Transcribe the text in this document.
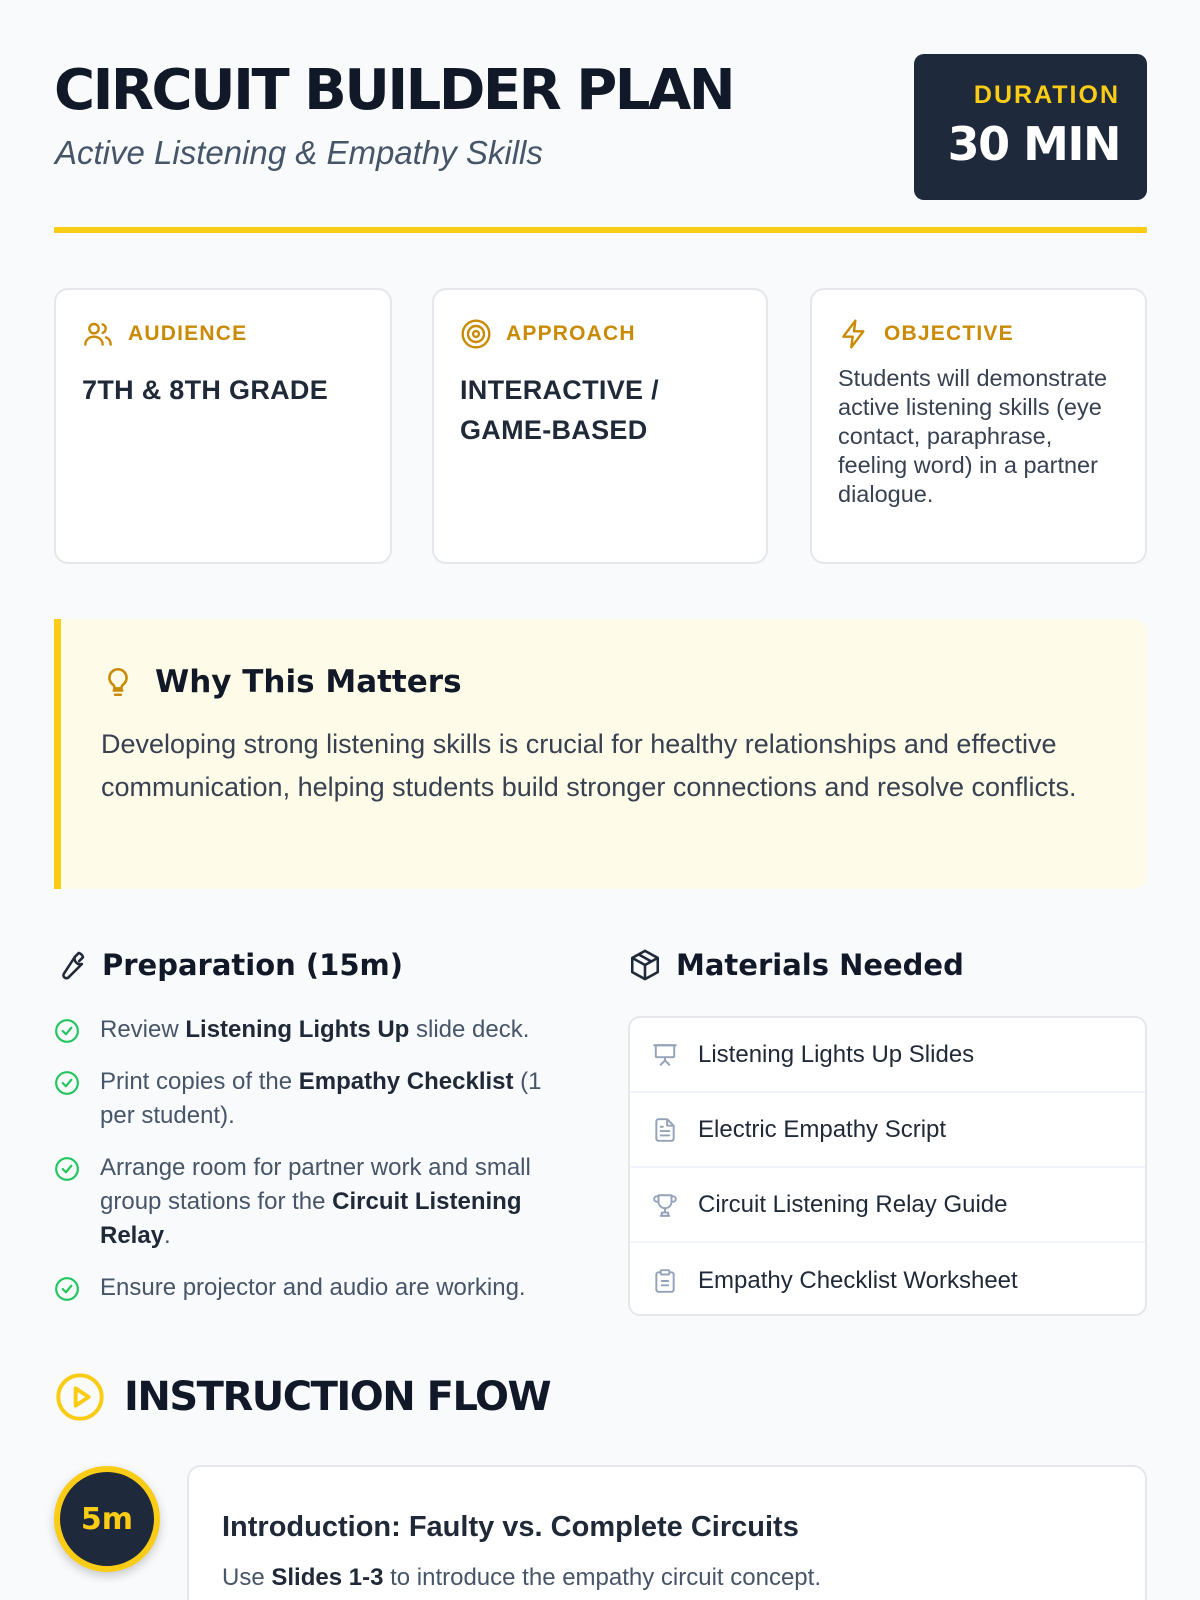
CIRCUIT BUILDER PLAN
Active Listening & Empathy Skills
DURATION
30 MIN
AUDIENCE
7TH & 8TH GRADE
APPROACH
INTERACTIVE / GAME-BASED
OBJECTIVE
Students will demonstrate active listening skills (eye contact, paraphrase, feeling word) in a partner dialogue.
Why This Matters
Developing strong listening skills is crucial for healthy relationships and effective communication, helping students build stronger connections and resolve conflicts.
Preparation (15m)
Review Listening Lights Up slide deck.
Print copies of the Empathy Checklist (1 per student).
Arrange room for partner work and small group stations for the Circuit Listening Relay.
Ensure projector and audio are working.
Materials Needed
Listening Lights Up Slides
Electric Empathy Script
Circuit Listening Relay Guide
Empathy Checklist Worksheet
INSTRUCTION FLOW
5m	Introduction: Faulty vs. Complete Circuits
Use Slides 1-3 to introduce the empathy circuit concept.
